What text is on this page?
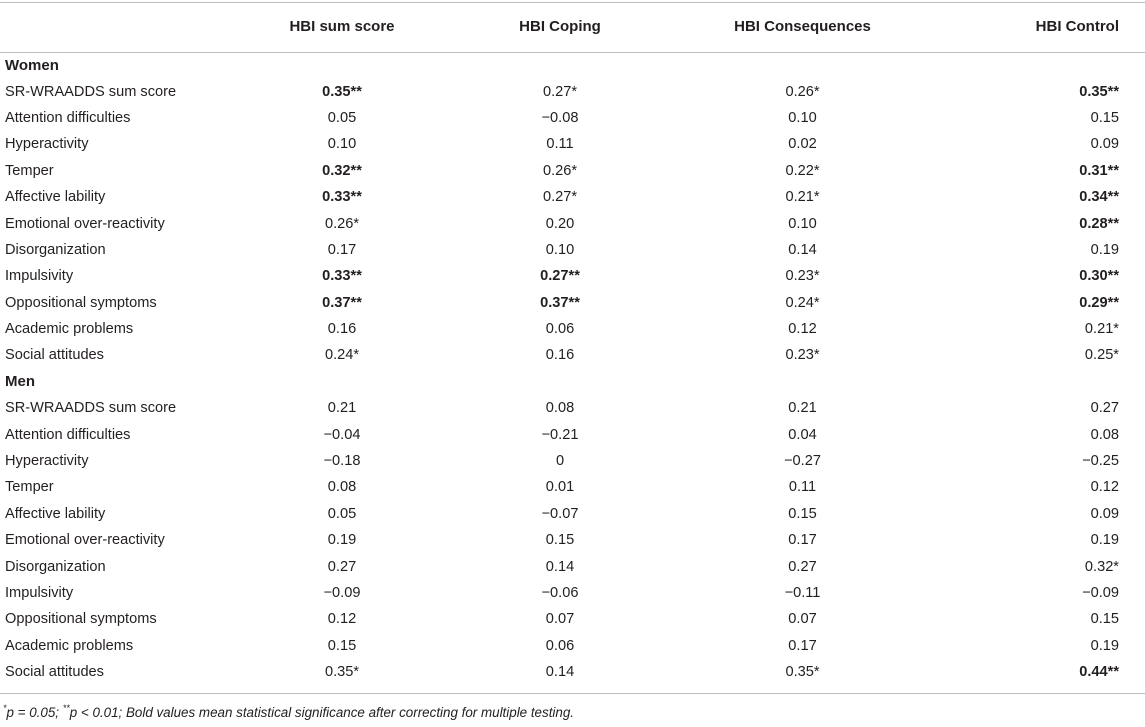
	HBI sum score	HBI Coping	HBI Consequences	HBI Control
Women				
SR-WRAADDS sum score	0.35**	0.27*	0.26*	0.35**
Attention difficulties	0.05	−0.08	0.10	0.15
Hyperactivity	0.10	0.11	0.02	0.09
Temper	0.32**	0.26*	0.22*	0.31**
Affective lability	0.33**	0.27*	0.21*	0.34**
Emotional over-reactivity	0.26*	0.20	0.10	0.28**
Disorganization	0.17	0.10	0.14	0.19
Impulsivity	0.33**	0.27**	0.23*	0.30**
Oppositional symptoms	0.37**	0.37**	0.24*	0.29**
Academic problems	0.16	0.06	0.12	0.21*
Social attitudes	0.24*	0.16	0.23*	0.25*
Men				
SR-WRAADDS sum score	0.21	0.08	0.21	0.27
Attention difficulties	−0.04	−0.21	0.04	0.08
Hyperactivity	−0.18	0	−0.27	−0.25
Temper	0.08	0.01	0.11	0.12
Affective lability	0.05	−0.07	0.15	0.09
Emotional over-reactivity	0.19	0.15	0.17	0.19
Disorganization	0.27	0.14	0.27	0.32*
Impulsivity	−0.09	−0.06	−0.11	−0.09
Oppositional symptoms	0.12	0.07	0.07	0.15
Academic problems	0.15	0.06	0.17	0.19
Social attitudes	0.35*	0.14	0.35*	0.44**
*p = 0.05; **p < 0.01; Bold values mean statistical significance after correcting for multiple testing.
